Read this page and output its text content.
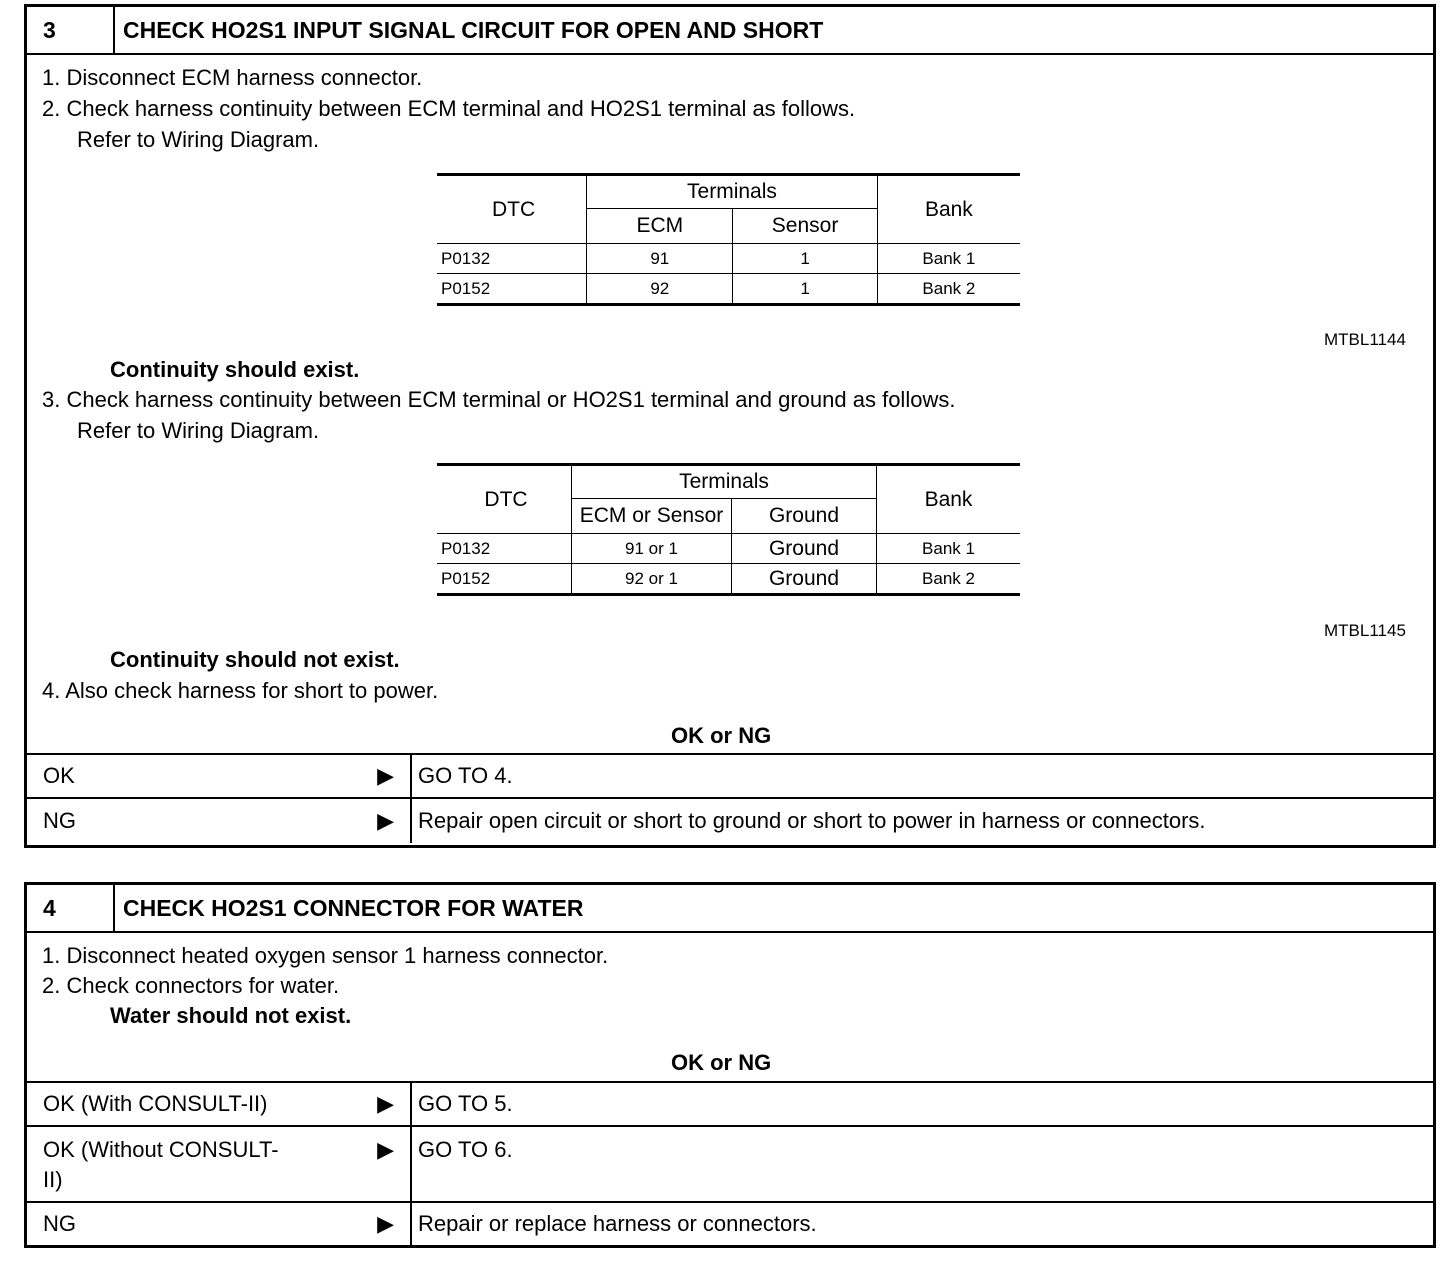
3	CHECK HO2S1 INPUT SIGNAL CIRCUIT FOR OPEN AND SHORT
1. Disconnect ECM harness connector.
2. Check harness continuity between ECM terminal and HO2S1 terminal as follows.
Refer to Wiring Diagram.
DTC	Terminals		Bank
	ECM	Sensor	
P0132	91	1	Bank 1
P0152	92	1	Bank 2
MTBL1144
Continuity should exist.
3. Check harness continuity between ECM terminal or HO2S1 terminal and ground as follows.
Refer to Wiring Diagram.
DTC	Terminals		Bank
	ECM or Sensor	Ground	
P0132	91 or 1	Ground	Bank 1
P0152	92 or 1	Ground	Bank 2
MTBL1145
Continuity should not exist.
4. Also check harness for short to power.
OK or NG
OK	▶	GO TO 4.
NG	▶	Repair open circuit or short to ground or short to power in harness or connectors.
4	CHECK HO2S1 CONNECTOR FOR WATER
1. Disconnect heated oxygen sensor 1 harness connector.
2. Check connectors for water.
Water should not exist.
OK or NG
OK (With CONSULT-II)	▶	GO TO 5.
OK (Without CONSULT-
II)
▶	GO TO 6.
NG	▶	Repair or replace harness or connectors.
